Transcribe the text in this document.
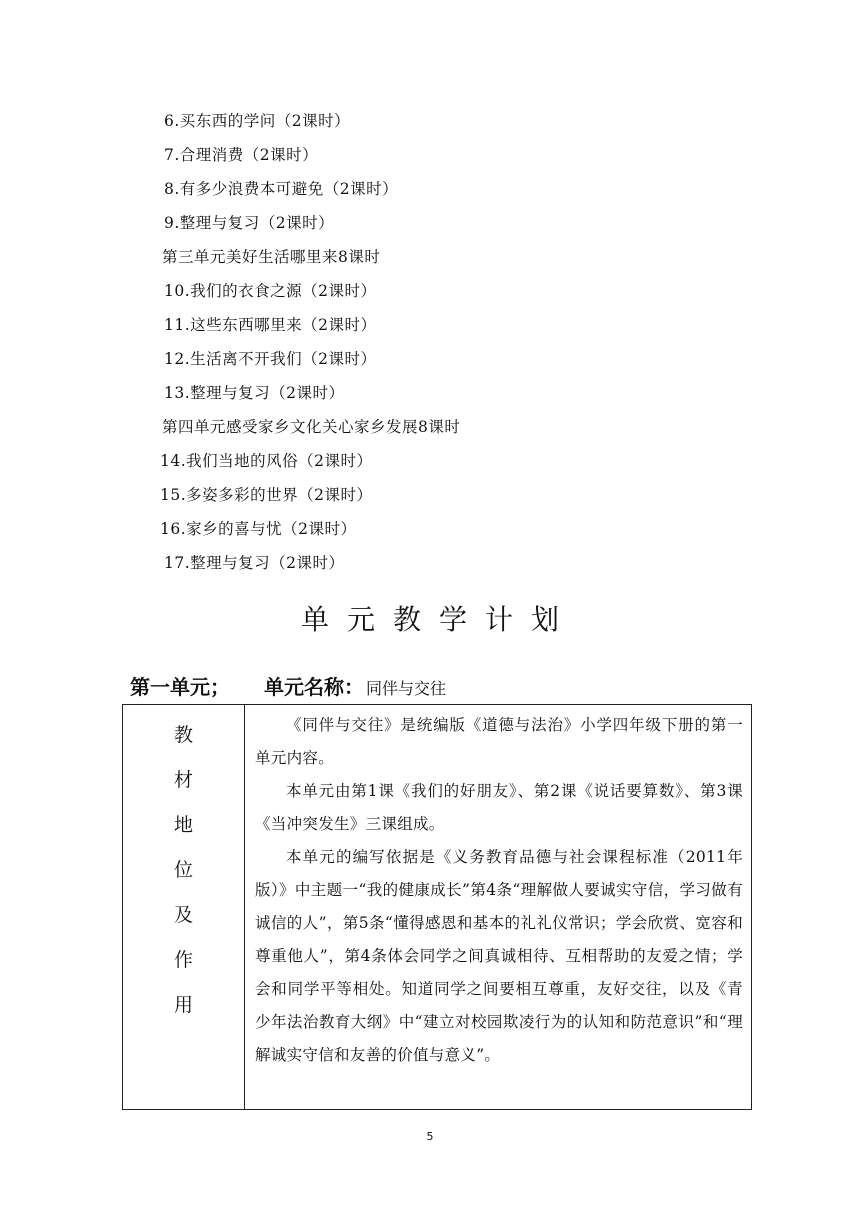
6.买东西的学问（2课时）
7.合理消费（2课时）
8.有多少浪费本可避免（2课时）
9.整理与复习（2课时）
第三单元美好生活哪里来8课时
10.我们的衣食之源（2课时）
11.这些东西哪里来（2课时）
12.生活离不开我们（2课时）
13.整理与复习（2课时）
第四单元感受家乡文化关心家乡发展8课时
14.我们当地的风俗（2课时）
15.多姿多彩的世界（2课时）
16.家乡的喜与忧（2课时）
17.整理与复习（2课时）
单元教学计划
第一单元； 单元名称： 同伴与交往
教
材
地
位
及
作
用
《同伴与交往》是统编版《道德与法治》小学四年级下册的第一单元内容。
本单元由第1课《我们的好朋友》、第2课《说话要算数》、第3课《当冲突发生》三课组成。
本单元的编写依据是《义务教育品德与社会课程标准（2011年版）》中主题一“我的健康成长”第4条“理解做人要诚实守信，学习做有诚信的人”，第5条“懂得感恩和基本的礼礼仪常识；学会欣赏、宽容和尊重他人”，第4条体会同学之间真诚相待、互相帮助的友爱之情；学会和同学平等相处。知道同学之间要相互尊重，友好交往，以及《青少年法治教育大纲》中“建立对校园欺凌行为的认知和防范意识”和“理解诚实守信和友善的价值与意义”。
5
